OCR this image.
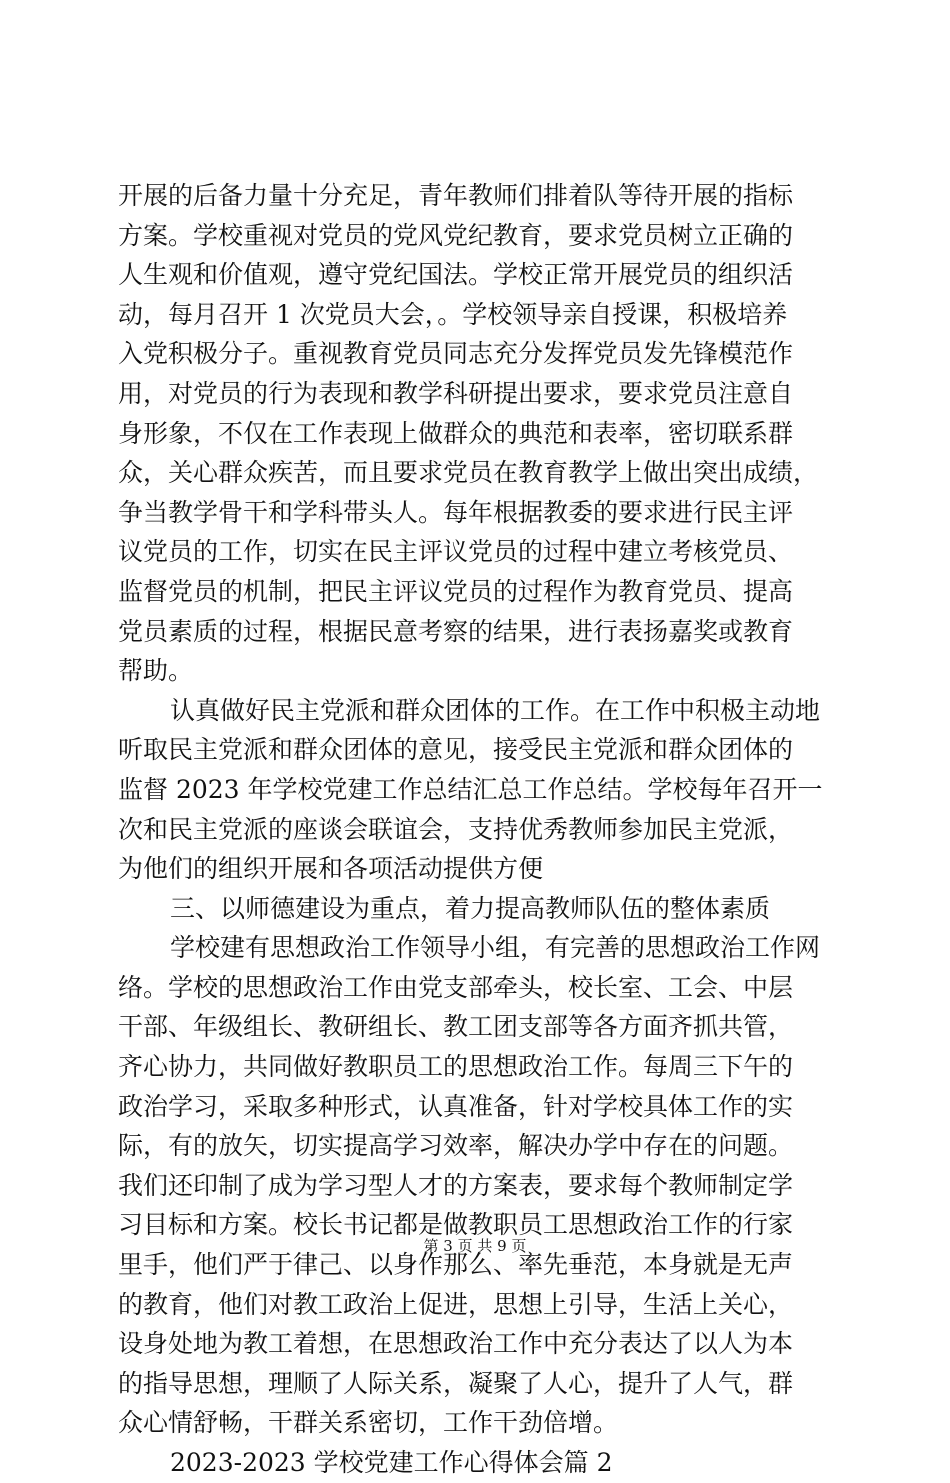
开展的后备力量十分充足，青年教师们排着队等待开展的指标
方案。学校重视对党员的党风党纪教育，要求党员树立正确的
人生观和价值观，遵守党纪国法。学校正常开展党员的组织活
动，每月召开 1 次党员大会，。学校领导亲自授课，积极培养
入党积极分子。重视教育党员同志充分发挥党员发先锋模范作
用，对党员的行为表现和教学科研提出要求，要求党员注意自
身形象，不仅在工作表现上做群众的典范和表率，密切联系群
众，关心群众疾苦，而且要求党员在教育教学上做出突出成绩，
争当教学骨干和学科带头人。每年根据教委的要求进行民主评
议党员的工作，切实在民主评议党员的过程中建立考核党员、
监督党员的机制，把民主评议党员的过程作为教育党员、提高
党员素质的过程，根据民意考察的结果，进行表扬嘉奖或教育
帮助。
认真做好民主党派和群众团体的工作。在工作中积极主动地
听取民主党派和群众团体的意见，接受民主党派和群众团体的
监督 2023 年学校党建工作总结汇总工作总结。学校每年召开一
次和民主党派的座谈会联谊会，支持优秀教师参加民主党派，
为他们的组织开展和各项活动提供方便
三、以师德建设为重点，着力提高教师队伍的整体素质
学校建有思想政治工作领导小组，有完善的思想政治工作网
络。学校的思想政治工作由党支部牵头，校长室、工会、中层
干部、年级组长、教研组长、教工团支部等各方面齐抓共管，
齐心协力，共同做好教职员工的思想政治工作。每周三下午的
政治学习，采取多种形式，认真准备，针对学校具体工作的实
际，有的放矢，切实提高学习效率，解决办学中存在的问题。
我们还印制了成为学习型人才的方案表，要求每个教师制定学
习目标和方案。校长书记都是做教职员工思想政治工作的行家
里手，他们严于律己、以身作那么、率先垂范，本身就是无声
的教育，他们对教工政治上促进，思想上引导，生活上关心，
设身处地为教工着想，在思想政治工作中充分表达了以人为本
的指导思想，理顺了人际关系，凝聚了人心，提升了人气，群
众心情舒畅，干群关系密切，工作干劲倍增。
2023-2023 学校党建工作心得体会篇 2
第 3 页 共 9 页
